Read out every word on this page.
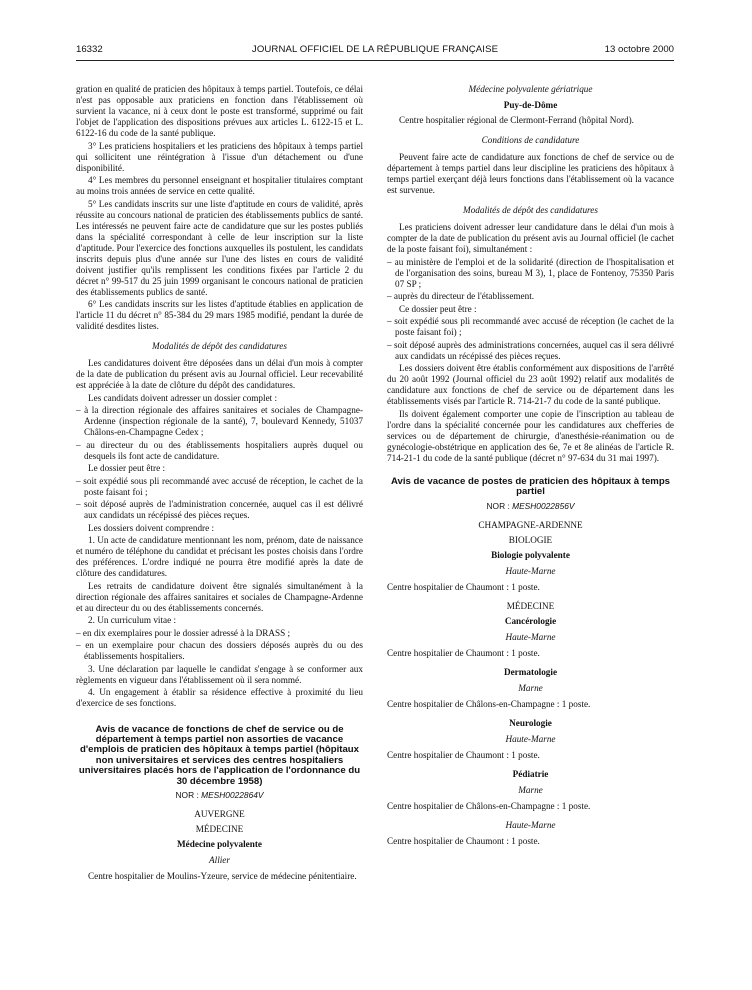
16332	JOURNAL OFFICIEL DE LA RÉPUBLIQUE FRANÇAISE	13 octobre 2000

gration en qualité de praticien des hôpitaux à temps partiel. Toutefois, ce délai n'est pas opposable aux praticiens en fonction dans l'établissement où survient la vacance, ni à ceux dont le poste est transformé, supprimé ou fait l'objet de l'application des dispositions prévues aux articles L. 6122-15 et L. 6122-16 du code de la santé publique.

3° Les praticiens hospitaliers et les praticiens des hôpitaux à temps partiel qui sollicitent une réintégration à l'issue d'un détachement ou d'une disponibilité.

4° Les membres du personnel enseignant et hospitalier titulaires comptant au moins trois années de service en cette qualité.

5° Les candidats inscrits sur une liste d'aptitude en cours de validité, après réussite au concours national de praticien des établissements publics de santé. Les intéressés ne peuvent faire acte de candidature que sur les postes publiés dans la spécialité correspondant à celle de leur inscription sur la liste d'aptitude. Pour l'exercice des fonctions auxquelles ils postulent, les candidats inscrits depuis plus d'une année sur l'une des listes en cours de validité doivent justifier qu'ils remplissent les conditions fixées par l'article 2 du décret n° 99-517 du 25 juin 1999 organisant le concours national de praticien des établissements publics de santé.

6° Les candidats inscrits sur les listes d'aptitude établies en application de l'article 11 du décret n° 85-384 du 29 mars 1985 modifié, pendant la durée de validité desdites listes.

Modalités de dépôt des candidatures

Les candidatures doivent être déposées dans un délai d'un mois à compter de la date de publication du présent avis au Journal officiel. Leur recevabilité est appréciée à la date de clôture du dépôt des candidatures.

Les candidats doivent adresser un dossier complet :

– à la direction régionale des affaires sanitaires et sociales de Champagne-Ardenne (inspection régionale de la santé), 7, boulevard Kennedy, 51037 Châlons-en-Champagne Cedex ;

– au directeur du ou des établissements hospitaliers auprès duquel ou desquels ils font acte de candidature.

Le dossier peut être :

– soit expédié sous pli recommandé avec accusé de réception, le cachet de la poste faisant foi ;

– soit déposé auprès de l'administration concernée, auquel cas il est délivré aux candidats un récépissé des pièces reçues.

Les dossiers doivent comprendre :

1. Un acte de candidature mentionnant les nom, prénom, date de naissance et numéro de téléphone du candidat et précisant les postes choisis dans l'ordre des préférences. L'ordre indiqué ne pourra être modifié après la date de clôture des candidatures.

Les retraits de candidature doivent être signalés simultanément à la direction régionale des affaires sanitaires et sociales de Champagne-Ardenne et au directeur du ou des établissements concernés.

2. Un curriculum vitae :

– en dix exemplaires pour le dossier adressé à la DRASS ;

– en un exemplaire pour chacun des dossiers déposés auprès du ou des établissements hospitaliers.

3. Une déclaration par laquelle le candidat s'engage à se conformer aux règlements en vigueur dans l'établissement où il sera nommé.

4. Un engagement à établir sa résidence effective à proximité du lieu d'exercice de ses fonctions.

Avis de vacance de fonctions de chef de service ou de département à temps partiel non assorties de vacance d'emplois de praticien des hôpitaux à temps partiel (hôpitaux non universitaires et services des centres hospitaliers universitaires placés hors de l'application de l'ordonnance du 30 décembre 1958)

NOR : MESH0022864V
AUVERGNE
MÉDECINE
Médecine polyvalente
Allier

Centre hospitalier de Moulins-Yzeure, service de médecine pénitentiaire.

Médecine polyvalente gériatrique
Puy-de-Dôme

Centre hospitalier régional de Clermont-Ferrand (hôpital Nord).

Conditions de candidature

Peuvent faire acte de candidature aux fonctions de chef de service ou de département à temps partiel dans leur discipline les praticiens des hôpitaux à temps partiel exerçant déjà leurs fonctions dans l'établissement où la vacance est survenue.

Modalités de dépôt des candidatures

Les praticiens doivent adresser leur candidature dans le délai d'un mois à compter de la date de publication du présent avis au Journal officiel (le cachet de la poste faisant foi), simultanément :

– au ministère de l'emploi et de la solidarité (direction de l'hospitalisation et de l'organisation des soins, bureau M 3), 1, place de Fontenoy, 75350 Paris 07 SP ;

– auprès du directeur de l'établissement.

Ce dossier peut être :

– soit expédié sous pli recommandé avec accusé de réception (le cachet de la poste faisant foi) ;

– soit déposé auprès des administrations concernées, auquel cas il sera délivré aux candidats un récépissé des pièces reçues.

Les dossiers doivent être établis conformément aux dispositions de l'arrêté du 20 août 1992 (Journal officiel du 23 août 1992) relatif aux modalités de candidature aux fonctions de chef de service ou de département dans les établissements visés par l'article R. 714-21-7 du code de la santé publique.

Ils doivent également comporter une copie de l'inscription au tableau de l'ordre dans la spécialité concernée pour les candidatures aux chefferies de services ou de département de chirurgie, d'anesthésie-réanimation ou de gynécologie-obstétrique en application des 6e, 7e et 8e alinéas de l'article R. 714-21-1 du code de la santé publique (décret n° 97-634 du 31 mai 1997).

Avis de vacance de postes de praticien des hôpitaux à temps partiel

NOR : MESH0022856V
CHAMPAGNE-ARDENNE
BIOLOGIE
Biologie polyvalente
Haute-Marne

Centre hospitalier de Chaumont : 1 poste.

MÉDECINE
Cancérologie
Haute-Marne

Centre hospitalier de Chaumont : 1 poste.

Dermatologie
Marne

Centre hospitalier de Châlons-en-Champagne : 1 poste.

Neurologie
Haute-Marne

Centre hospitalier de Chaumont : 1 poste.

Pédiatrie
Marne

Centre hospitalier de Châlons-en-Champagne : 1 poste.

Haute-Marne

Centre hospitalier de Chaumont : 1 poste.
